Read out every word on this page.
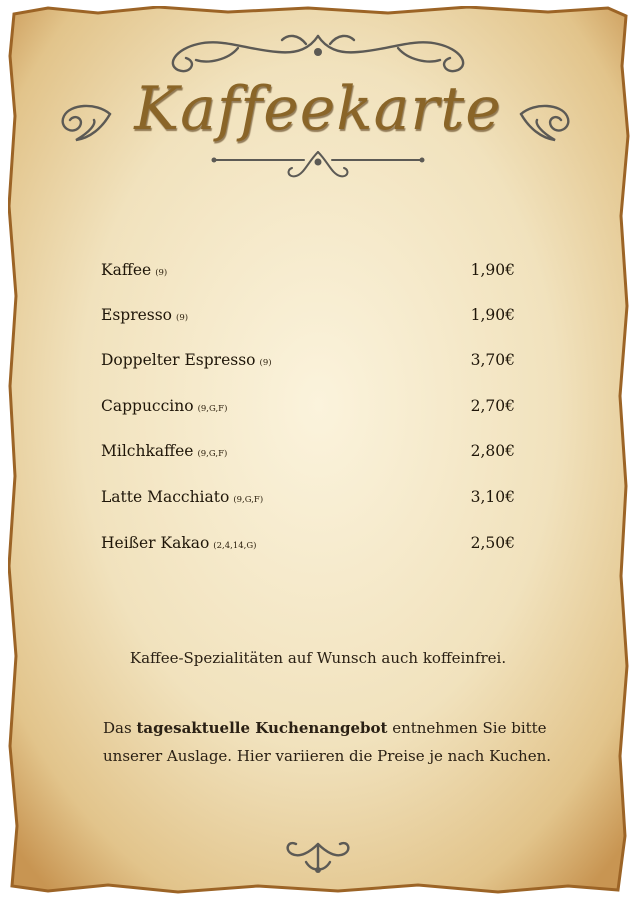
Kaffeekarte
Kaffee (9)	1,90€
Espresso (9)	1,90€
Doppelter Espresso (9)	3,70€
Cappuccino (9,G,F)	2,70€
Milchkaffee (9,G,F)	2,80€
Latte Macchiato (9,G,F)	3,10€
Heißer Kakao (2,4,14,G)	2,50€
Kaffee-Spezialitäten auf Wunsch auch koffeinfrei.
Das tagesaktuelle Kuchenangebot entnehmen Sie bitte
unserer Auslage. Hier variieren die Preise je nach Kuchen.
